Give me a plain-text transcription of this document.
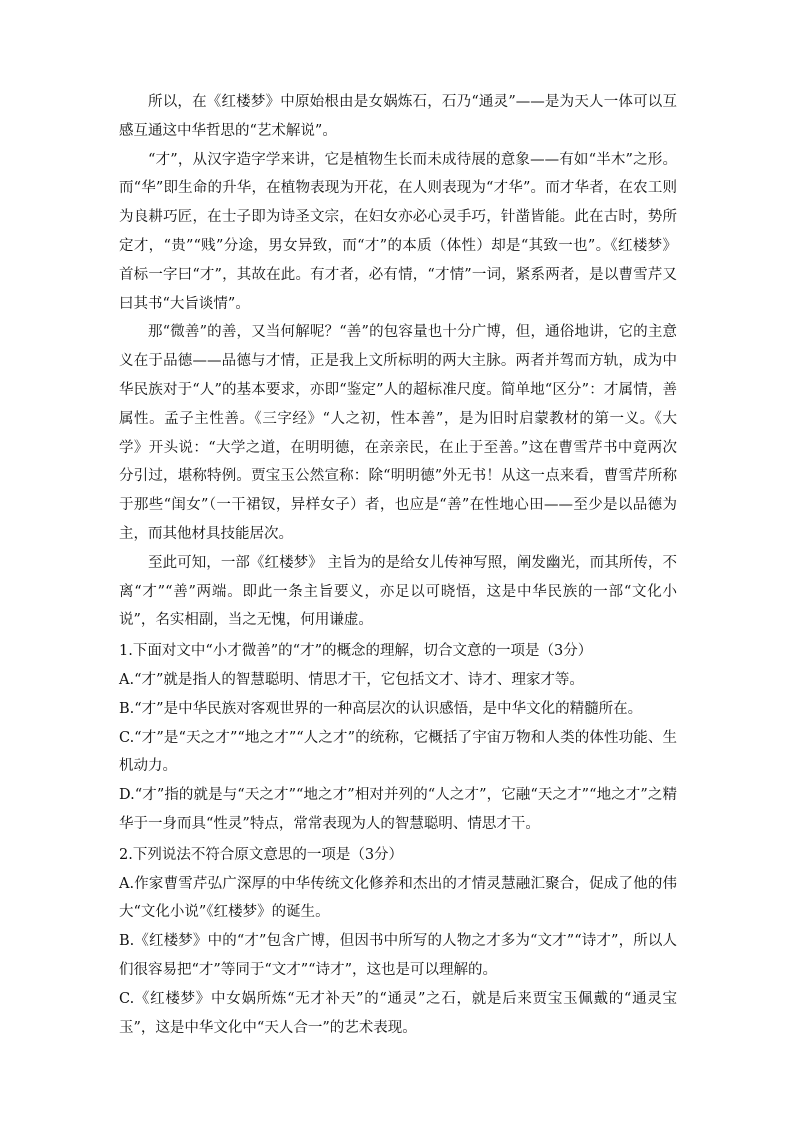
所以，在《红楼梦》中原始根由是女娲炼石，石乃“通灵”——是为天人一体可以互感互通这中华哲思的“艺术解说”。

“才”，从汉字造字学来讲，它是植物生长而未成待展的意象——有如“半木”之形。而“华”即生命的升华，在植物表现为开花，在人则表现为“才华”。而才华者，在农工则为良耕巧匠，在士子即为诗圣文宗，在妇女亦必心灵手巧，针凿皆能。此在古时，势所定才，“贵”“贱”分途，男女异致，而“才”的本质（体性）却是“其致一也”。《红楼梦》首标一字曰“才”，其故在此。有才者，必有情，“才情”一词，紧系两者，是以曹雪芹又曰其书“大旨谈情”。

那“微善”的善，又当何解呢？“善”的包容量也十分广博，但，通俗地讲，它的主意义在于品德——品德与才情，正是我上文所标明的两大主脉。两者并驾而方轨，成为中华民族对于“人”的基本要求，亦即“鉴定”人的超标准尺度。简单地“区分”：才属情，善属性。孟子主性善。《三字经》“人之初，性本善”，是为旧时启蒙教材的第一义。《大学》开头说：“大学之道，在明明德，在亲亲民，在止于至善。”这在曹雪芹书中竟两次分引过，堪称特例。贾宝玉公然宣称：除“明明德”外无书！从这一点来看，曹雪芹所称于那些“闺女”（一干裙钗，异样女子）者，也应是“善”在性地心田——至少是以品德为主，而其他材具技能居次。

至此可知，一部《红楼梦》 主旨为的是给女儿传神写照，阐发幽光，而其所传，不离“才”“善”两端。即此一条主旨要义，亦足以可晓悟，这是中华民族的一部“文化小说”，名实相副，当之无愧，何用谦虚。

1.下面对文中“小才微善”的“才”的概念的理解，切合文意的一项是（3分）

A.“才”就是指人的智慧聪明、情思才干，它包括文才、诗才、理家才等。

B.“才”是中华民族对客观世界的一种高层次的认识感悟，是中华文化的精髓所在。

C.“才”是“天之才”“地之才”“人之才”的统称，它概括了宇宙万物和人类的体性功能、生机动力。

D.“才”指的就是与“天之才”“地之才”相对并列的“人之才”，它融“天之才”“地之才”之精华于一身而具“性灵”特点，常常表现为人的智慧聪明、情思才干。

2.下列说法不符合原文意思的一项是（3分）

A.作家曹雪芹弘广深厚的中华传统文化修养和杰出的才情灵慧融汇聚合，促成了他的伟大“文化小说”《红楼梦》的诞生。

B.《红楼梦》中的“才”包含广博，但因书中所写的人物之才多为“文才”“诗才”，所以人们很容易把“才”等同于“文才”“诗才”，这也是可以理解的。

C.《红楼梦》中女娲所炼“无才补天”的“通灵”之石，就是后来贾宝玉佩戴的“通灵宝玉”，这是中华文化中“天人合一”的艺术表现。
